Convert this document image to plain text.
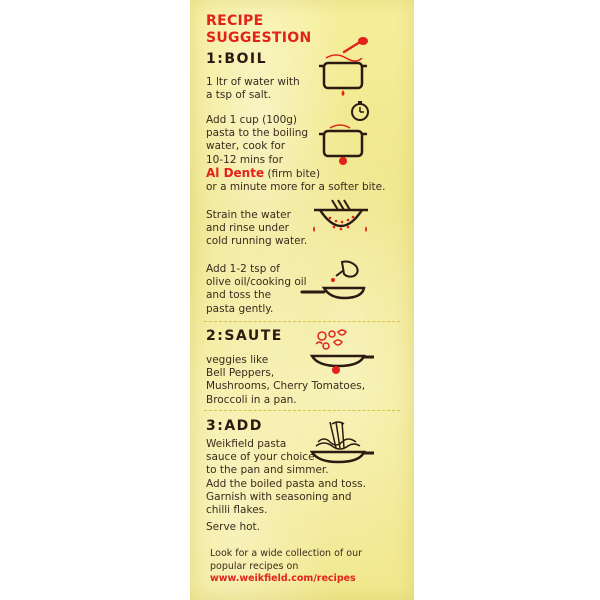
RECIPE
SUGGESTION
1:BOIL
1 ltr of water with
a tsp of salt.
Add 1 cup (100g)
pasta to the boiling
water, cook for
10-12 mins for
Al Dente (firm bite)
or a minute more for a softer bite.
Strain the water
and rinse under
cold running water.
Add 1-2 tsp of
olive oil/cooking oil
and toss the
pasta gently.
2:SAUTE
veggies like
Bell Peppers,
Mushrooms, Cherry Tomatoes,
Broccoli in a pan.
3:ADD
Weikfield pasta
sauce of your choice
to the pan and simmer.
Add the boiled pasta and toss.
Garnish with seasoning and
chilli flakes.
Serve hot.
Look for a wide collection of our
popular recipes on
www.weikfield.com/recipes
